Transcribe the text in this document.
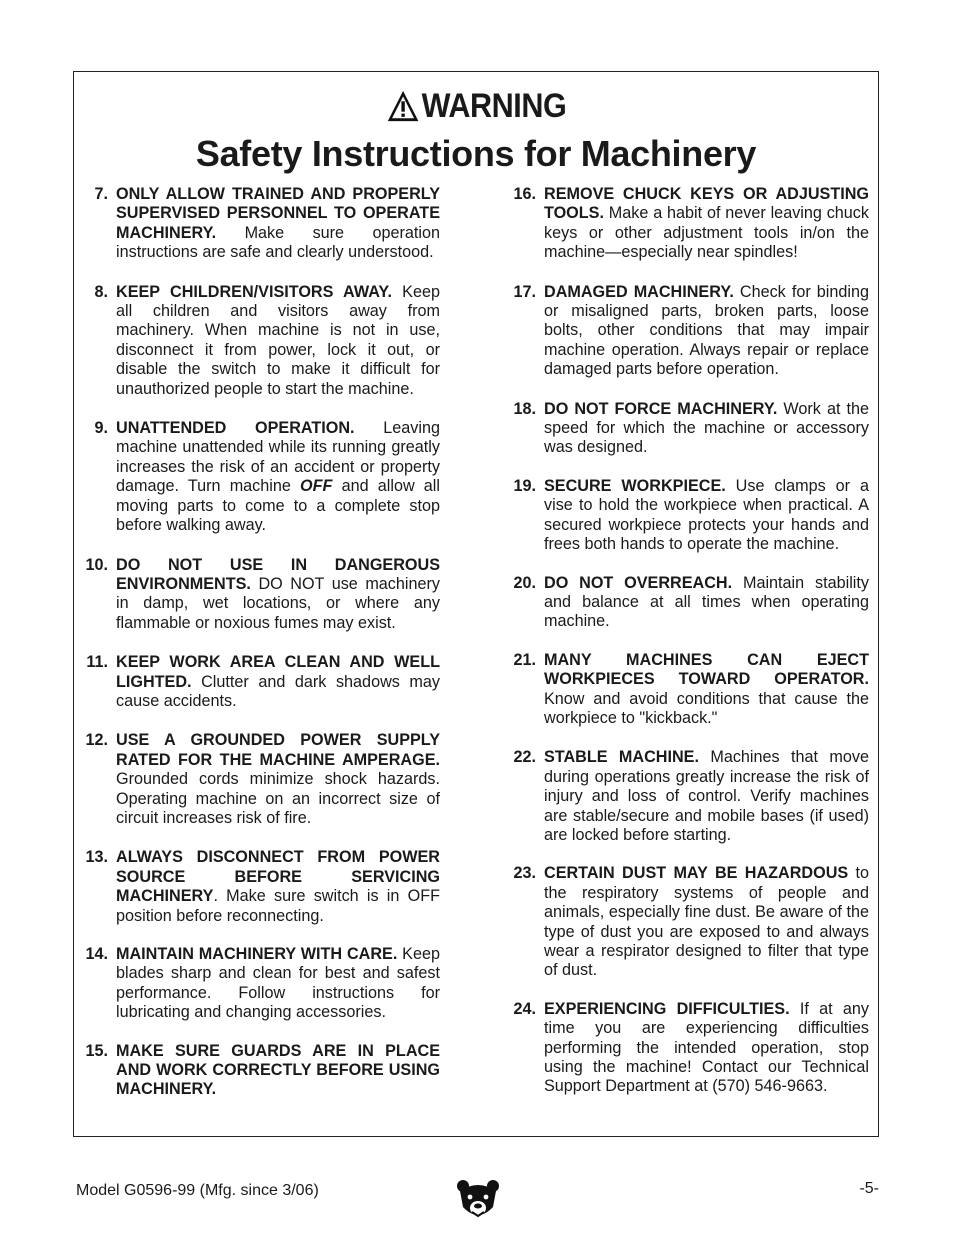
WARNING
Safety Instructions for Machinery
7. ONLY ALLOW TRAINED AND PROPERLY SUPERVISED PERSONNEL TO OPERATE MACHINERY. Make sure operation instructions are safe and clearly understood.
8. KEEP CHILDREN/VISITORS AWAY. Keep all children and visitors away from machinery. When machine is not in use, disconnect it from power, lock it out, or disable the switch to make it difficult for unauthorized people to start the machine.
9. UNATTENDED OPERATION. Leaving machine unattended while its running greatly increases the risk of an accident or property damage. Turn machine OFF and allow all moving parts to come to a complete stop before walking away.
10. DO NOT USE IN DANGEROUS ENVIRONMENTS. DO NOT use machinery in damp, wet locations, or where any flammable or noxious fumes may exist.
11. KEEP WORK AREA CLEAN AND WELL LIGHTED. Clutter and dark shadows may cause accidents.
12. USE A GROUNDED POWER SUPPLY RATED FOR THE MACHINE AMPERAGE. Grounded cords minimize shock hazards. Operating machine on an incorrect size of circuit increases risk of fire.
13. ALWAYS DISCONNECT FROM POWER SOURCE BEFORE SERVICING MACHINERY. Make sure switch is in OFF position before reconnecting.
14. MAINTAIN MACHINERY WITH CARE. Keep blades sharp and clean for best and safest performance. Follow instructions for lubricating and changing accessories.
15. MAKE SURE GUARDS ARE IN PLACE AND WORK CORRECTLY BEFORE USING MACHINERY.
16. REMOVE CHUCK KEYS OR ADJUSTING TOOLS. Make a habit of never leaving chuck keys or other adjustment tools in/on the machine—especially near spindles!
17. DAMAGED MACHINERY. Check for binding or misaligned parts, broken parts, loose bolts, other conditions that may impair machine operation. Always repair or replace damaged parts before operation.
18. DO NOT FORCE MACHINERY. Work at the speed for which the machine or accessory was designed.
19. SECURE WORKPIECE. Use clamps or a vise to hold the workpiece when practical. A secured workpiece protects your hands and frees both hands to operate the machine.
20. DO NOT OVERREACH. Maintain stability and balance at all times when operating machine.
21. MANY MACHINES CAN EJECT WORKPIECES TOWARD OPERATOR. Know and avoid conditions that cause the workpiece to "kickback."
22. STABLE MACHINE. Machines that move during operations greatly increase the risk of injury and loss of control. Verify machines are stable/secure and mobile bases (if used) are locked before starting.
23. CERTAIN DUST MAY BE HAZARDOUS to the respiratory systems of people and animals, especially fine dust. Be aware of the type of dust you are exposed to and always wear a respirator designed to filter that type of dust.
24. EXPERIENCING DIFFICULTIES. If at any time you are experiencing difficulties performing the intended operation, stop using the machine! Contact our Technical Support Department at (570) 546-9663.
Model G0596-99 (Mfg. since 3/06)	-5-
